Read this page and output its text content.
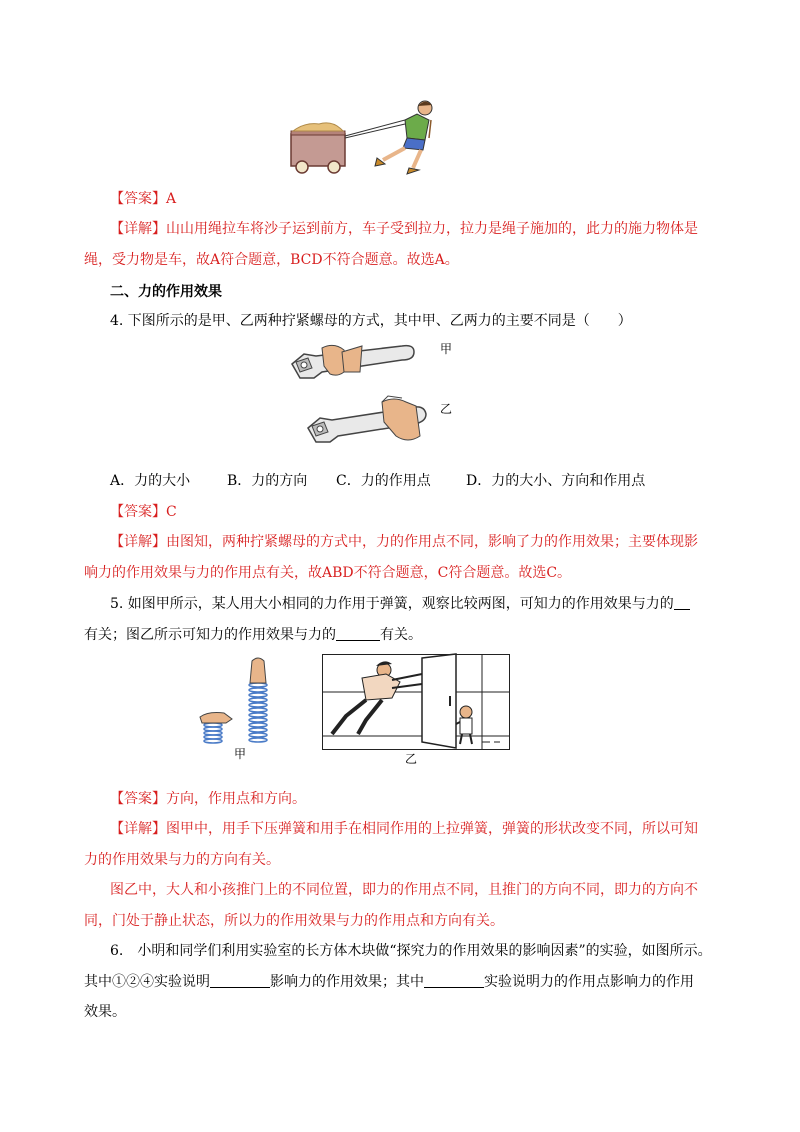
【答案】A
【详解】山山用绳拉车将沙子运到前方，车子受到拉力，拉力是绳子施加的，此力的施力物体是
绳，受力物是车，故A符合题意，BCD不符合题意。故选A。
二、力的作用效果
4. 下图所示的是甲、乙两种拧紧螺母的方式，其中甲、乙两力的主要不同是（　　）
甲
乙
A．力的大小	B．力的方向 C．力的作用点	D．力的大小、方向和作用点
【答案】C
【详解】由图知，两种拧紧螺母的方式中，力的作用点不同，影响了力的作用效果；主要体现影
响力的作用效果与力的作用点有关，故ABD不符合题意，C符合题意。故选C。
5. 如图甲所示，某人用大小相同的力作用于弹簧，观察比较两图，可知力的作用效果与力的
有关；图乙所示可知力的作用效果与力的	有关。
甲	乙
【答案】方向，作用点和方向。
【详解】图甲中，用手下压弹簧和用手在相同作用的上拉弹簧，弹簧的形状改变不同，所以可知
力的作用效果与力的方向有关。
图乙中，大人和小孩推门上的不同位置，即力的作用点不同，且推门的方向不同，即力的方向不
同，门处于静止状态，所以力的作用效果与力的作用点和方向有关。
6.　小明和同学们利用实验室的长方体木块做“探究力的作用效果的影响因素”的实验，如图所示。
其中①②④实验说明	影响力的作用效果；其中	实验说明力的作用点影响力的作用
效果。
